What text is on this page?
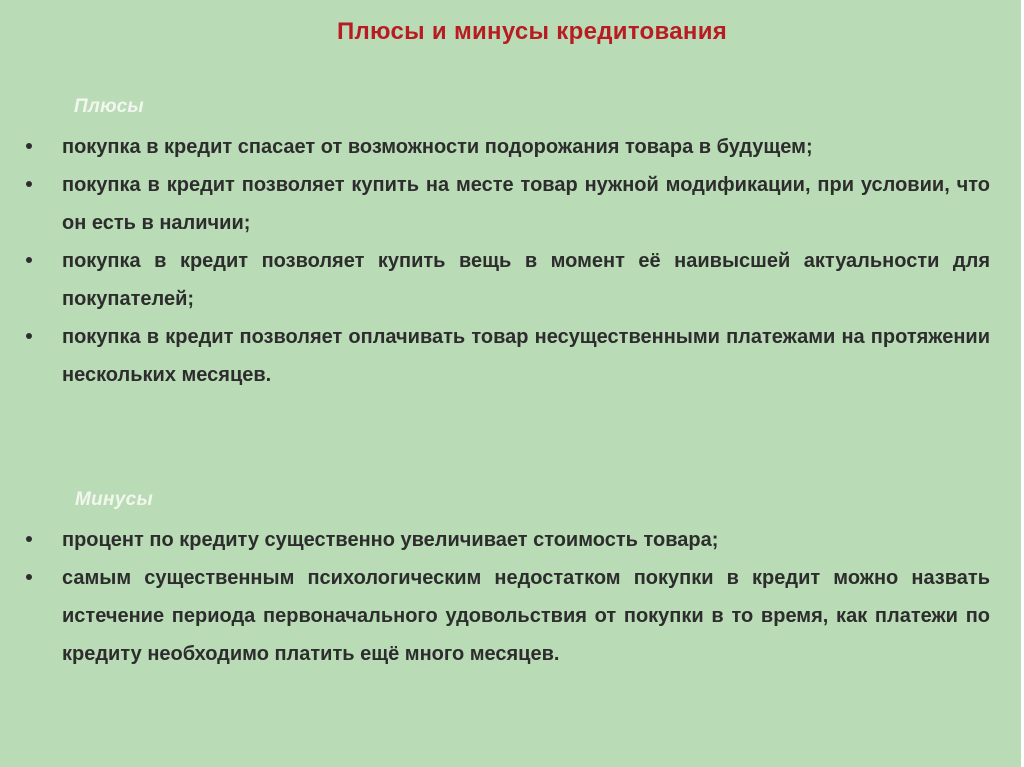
Плюсы и минусы кредитования
Плюсы
покупка в кредит спасает от возможности подорожания товара в будущем;
покупка в кредит позволяет купить на месте товар нужной модификации, при условии, что он есть в наличии;
покупка в кредит позволяет купить вещь в момент её наивысшей актуальности для покупателей;
покупка в кредит позволяет оплачивать товар несущественными платежами на протяжении нескольких месяцев.
Минусы
процент по кредиту существенно увеличивает стоимость товара;
самым существенным психологическим недостатком покупки в кредит можно назвать истечение периода первоначального удовольствия от покупки в то время, как платежи по кредиту необходимо платить ещё много месяцев.
